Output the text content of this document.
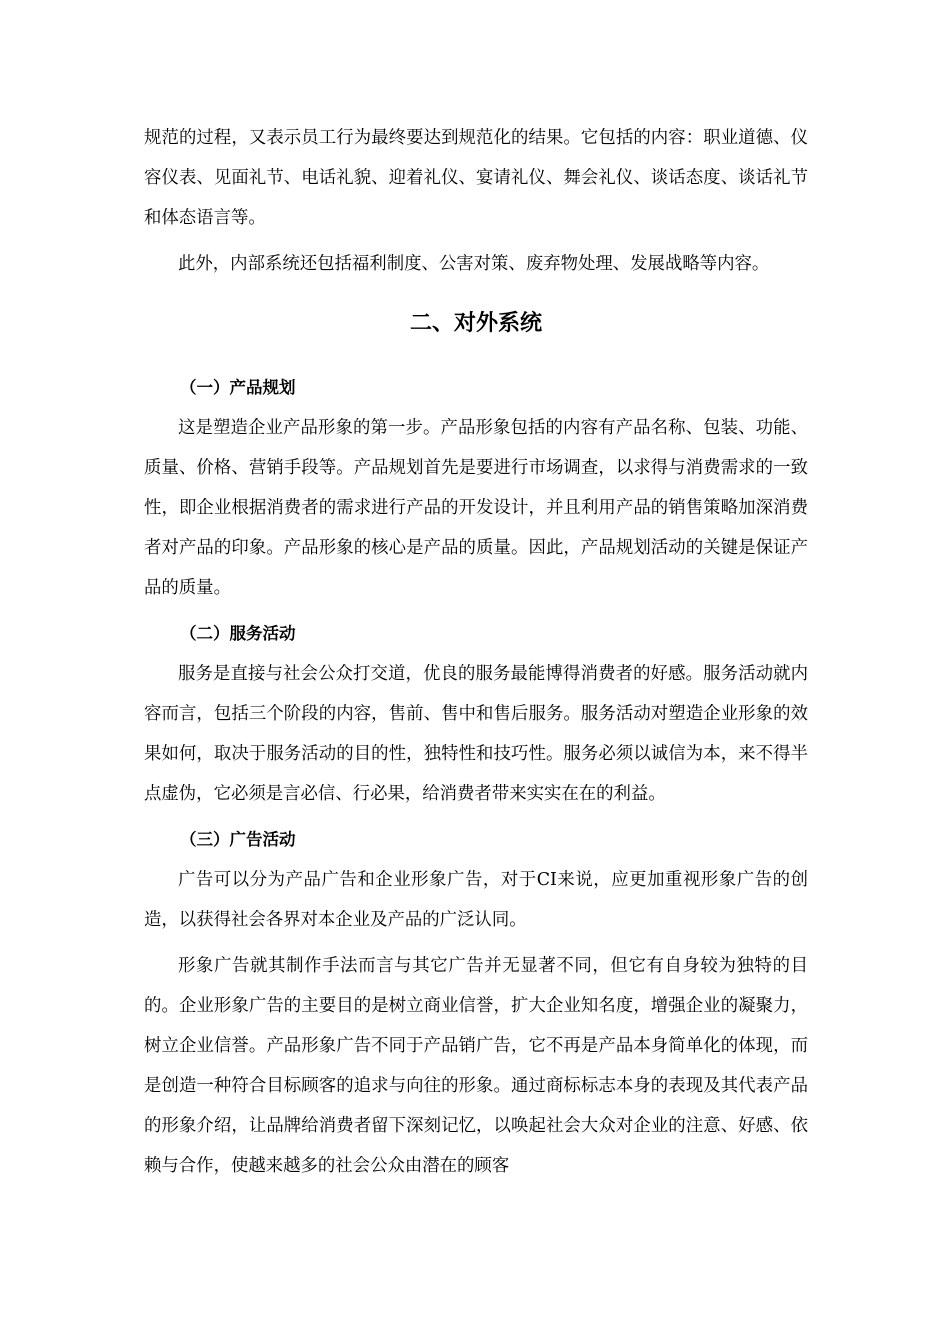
规范的过程，又表示员工行为最终要达到规范化的结果。它包括的内容：职业道德、仪容仪表、见面礼节、电话礼貌、迎着礼仪、宴请礼仪、舞会礼仪、谈话态度、谈话礼节和体态语言等。

此外，内部系统还包括福利制度、公害对策、废弃物处理、发展战略等内容。

二、对外系统
（一）产品规划

这是塑造企业产品形象的第一步。产品形象包括的内容有产品名称、包装、功能、质量、价格、营销手段等。产品规划首先是要进行市场调查，以求得与消费需求的一致性，即企业根据消费者的需求进行产品的开发设计，并且利用产品的销售策略加深消费者对产品的印象。产品形象的核心是产品的质量。因此，产品规划活动的关键是保证产品的质量。

（二）服务活动

服务是直接与社会公众打交道，优良的服务最能博得消费者的好感。服务活动就内容而言，包括三个阶段的内容，售前、售中和售后服务。服务活动对塑造企业形象的效果如何，取决于服务活动的目的性，独特性和技巧性。服务必须以诚信为本，来不得半点虚伪，它必须是言必信、行必果，给消费者带来实实在在的利益。

（三）广告活动

广告可以分为产品广告和企业形象广告，对于CI来说，应更加重视形象广告的创造，以获得社会各界对本企业及产品的广泛认同。

形象广告就其制作手法而言与其它广告并无显著不同，但它有自身较为独特的目的。企业形象广告的主要目的是树立商业信誉，扩大企业知名度，增强企业的凝聚力，树立企业信誉。产品形象广告不同于产品销广告，它不再是产品本身简单化的体现，而是创造一种符合目标顾客的追求与向往的形象。通过商标标志本身的表现及其代表产品的形象介绍，让品牌给消费者留下深刻记忆，以唤起社会大众对企业的注意、好感、依赖与合作，使越来越多的社会公众由潜在的顾客
